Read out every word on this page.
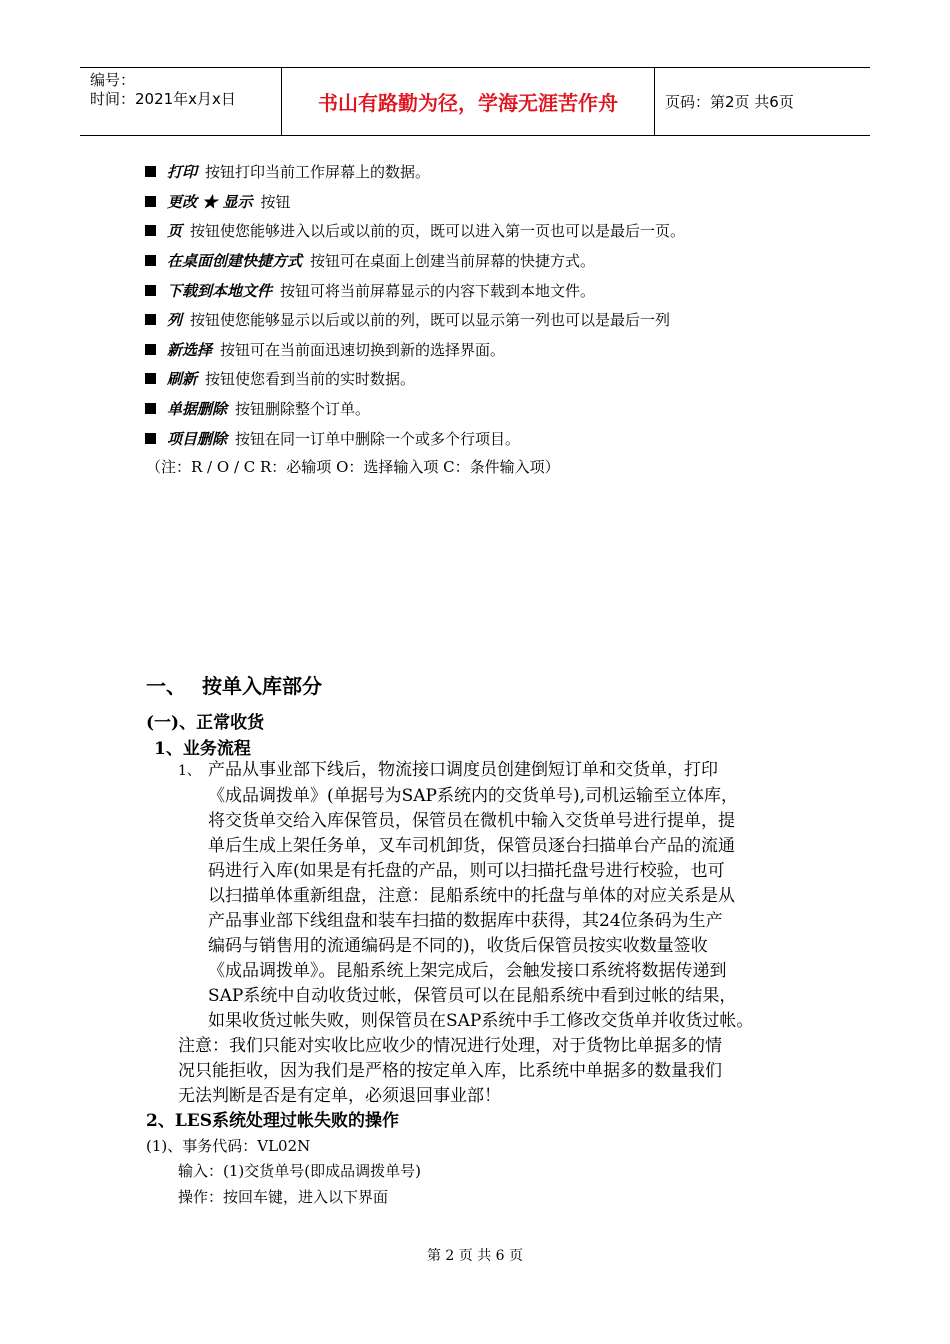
编号：
时间：2021年x月x日	书山有路勤为径，学海无涯苦作舟	页码：第2页 共6页
打印 按钮打印当前工作屏幕上的数据。
更改 ★ 显示 按钮
页 按钮使您能够进入以后或以前的页，既可以进入第一页也可以是最后一页。
在桌面创建快捷方式 按钮可在桌面上创建当前屏幕的快捷方式。
下载到本地文件 按钮可将当前屏幕显示的内容下载到本地文件。
列 按钮使您能够显示以后或以前的列，既可以显示第一列也可以是最后一列
新选择 按钮可在当前面迅速切换到新的选择界面。
刷新 按钮使您看到当前的实时数据。
单据删除 按钮删除整个订单。
项目删除 按钮在同一订单中删除一个或多个行项目。
（注：R / O / C R：必输项 O：选择输入项 C：条件输入项）
一、 按单入库部分
(一)、正常收货
1、业务流程
1、 产品从事业部下线后，物流接口调度员创建倒短订单和交货单，打印
《成品调拨单》(单据号为SAP系统内的交货单号),司机运输至立体库，
将交货单交给入库保管员，保管员在微机中输入交货单号进行提单，提
单后生成上架任务单，叉车司机卸货，保管员逐台扫描单台产品的流通
码进行入库(如果是有托盘的产品，则可以扫描托盘号进行校验，也可
以扫描单体重新组盘，注意：昆船系统中的托盘与单体的对应关系是从
产品事业部下线组盘和装车扫描的数据库中获得，其24位条码为生产
编码与销售用的流通编码是不同的)，收货后保管员按实收数量签收
《成品调拨单》。昆船系统上架完成后，会触发接口系统将数据传递到
SAP系统中自动收货过帐，保管员可以在昆船系统中看到过帐的结果，
如果收货过帐失败，则保管员在SAP系统中手工修改交货单并收货过帐。
注意：我们只能对实收比应收少的情况进行处理，对于货物比单据多的情
况只能拒收，因为我们是严格的按定单入库，比系统中单据多的数量我们
无法判断是否是有定单，必须退回事业部！
2、LES系统处理过帐失败的操作
(1)、事务代码：VL02N
输入：(1)交货单号(即成品调拨单号)
操作：按回车键，进入以下界面
第 2 页 共 6 页
